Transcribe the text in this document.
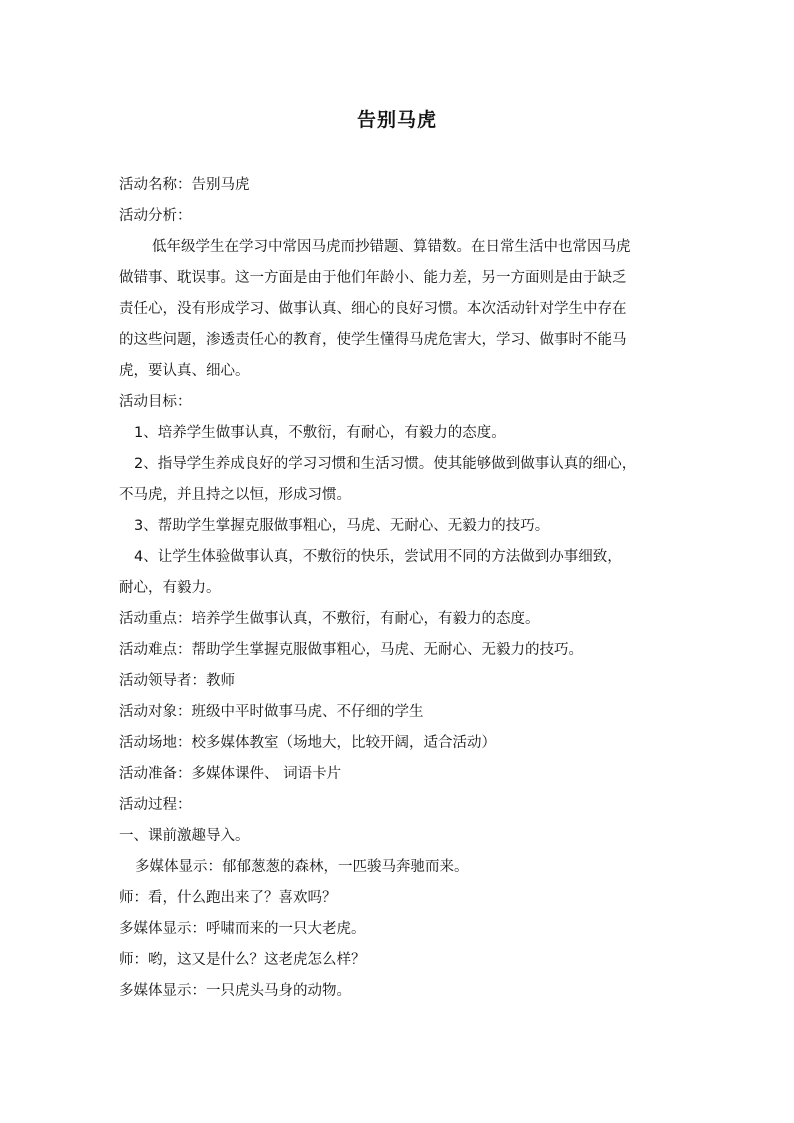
告别马虎
活动名称：告别马虎
活动分析：
低年级学生在学习中常因马虎而抄错题、算错数。在日常生活中也常因马虎
做错事、耽误事。这一方面是由于他们年龄小、能力差，另一方面则是由于缺乏
责任心，没有形成学习、做事认真、细心的良好习惯。本次活动针对学生中存在
的这些问题，渗透责任心的教育，使学生懂得马虎危害大，学习、做事时不能马
虎，要认真、细心。
活动目标：
1、培养学生做事认真，不敷衍，有耐心，有毅力的态度。
2、指导学生养成良好的学习习惯和生活习惯。使其能够做到做事认真的细心，
不马虎，并且持之以恒，形成习惯。
3、帮助学生掌握克服做事粗心，马虎、无耐心、无毅力的技巧。
4、让学生体验做事认真，不敷衍的快乐，尝试用不同的方法做到办事细致，
耐心，有毅力。
活动重点：培养学生做事认真，不敷衍，有耐心，有毅力的态度。
活动难点：帮助学生掌握克服做事粗心，马虎、无耐心、无毅力的技巧。
活动领导者：教师
活动对象：班级中平时做事马虎、不仔细的学生
活动场地：校多媒体教室（场地大，比较开阔，适合活动）
活动准备：多媒体课件、 词语卡片
活动过程：
一、课前激趣导入。
多媒体显示：郁郁葱葱的森林，一匹骏马奔驰而来。
师：看，什么跑出来了？喜欢吗？
多媒体显示：呼啸而来的一只大老虎。
师：哟，这又是什么？这老虎怎么样？
多媒体显示：一只虎头马身的动物。
